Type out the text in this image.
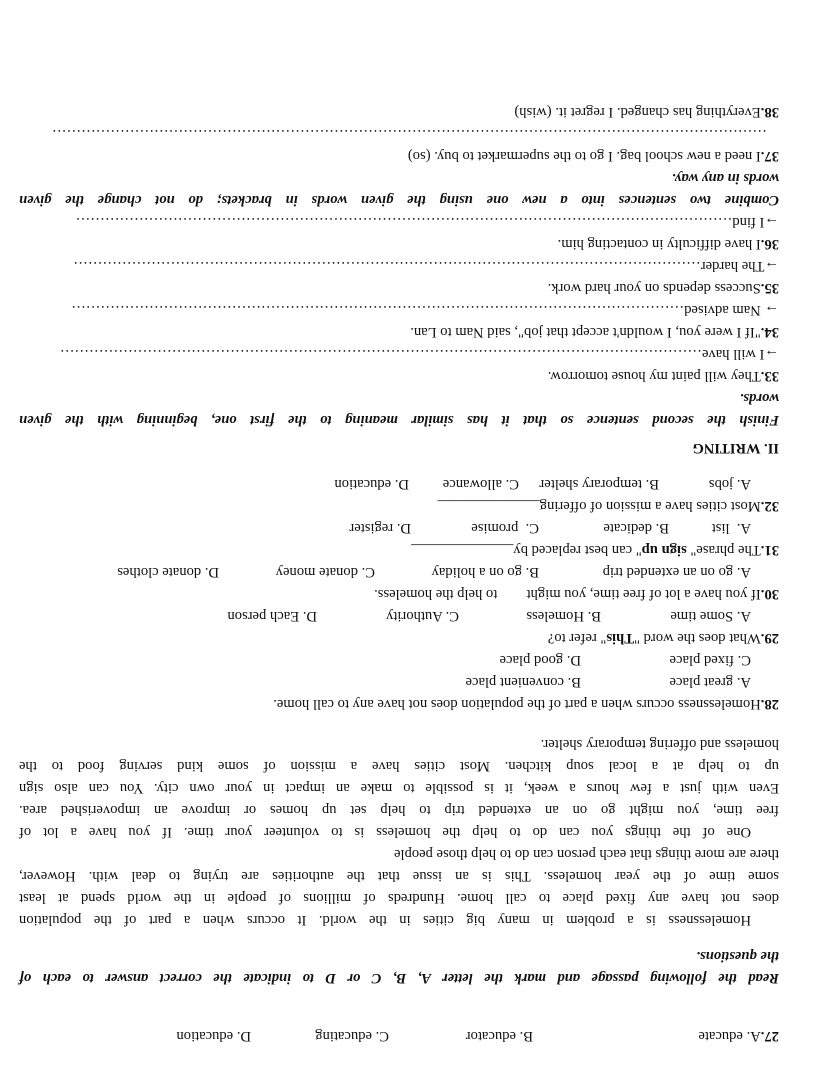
27.A. educate
B. educator
C. educating
D. education
Read the following passage and mark the letter A, B, C or D to indicate the correct answer to each of
the questions.
Homelessness is a problem in many big cities in the world. It occurs when a part of the population
does not have any fixed place to call home. Hundreds of millions of people in the world spend at least
some time of the year homeless. This is an issue that the authorities are trying to deal with. However,
there are more things that each person can do to help those people
One of the things you can do to help the homeless is to volunteer your time. If you have a lot of
free time, you might go on an extended trip to help set up homes or improve an impoverished area.
Even with just a few hours a week, it is possible to make an impact in your own city. You can also sign
up to help at a local soup kitchen. Most cities have a mission of some kind serving food to the
homeless and offering temporary shelter.
28.Homelessness occurs when a part of the population does not have any to call home.
A. great place
B. convenient place
C. fixed place
D. good place
29.What does the word "This" refer to?
A. Some time
B. Homeless
C. Authority
D. Each person
30.If you have a lot of free time, you might        to help the homeless.
A. go on an extended trip
B. go on a holiday
C. donate money
D. donate clothes
31.The phrase" sign up" can best replaced by______________
A.  list
B. dedicate
C.  promise
D. register
32.Most cities have a mission of offering______________
A. jobs
B. temporary shelter
C. allowance
D. education
II. WRITING
Finish the second sentence so that it has similar meaning to the first one, beginning with the given
words.
33.They will paint my house tomorrow.
→I will have……………………………………………………………………………………………………………………
34."If I were you, I wouldn't accept that job", said Nam to Lan.
→ Nam advised………………………………………………………………………………………………………………
35.Success depends on your hard work.
→The harder…………………………………………………………………………………………………………………
36.I have difficulty in contacting him.
→I find………………………………………………………………………………………………………………………
Combine two sentences into a new one using the given words in brackets; do not change the given
words in any way.
37.I need a new school bag. I go to the supermarket to buy. (so)
…………………………………………………………………………………………………………………………………
38.Everything has changed. I regret it. (wish)
